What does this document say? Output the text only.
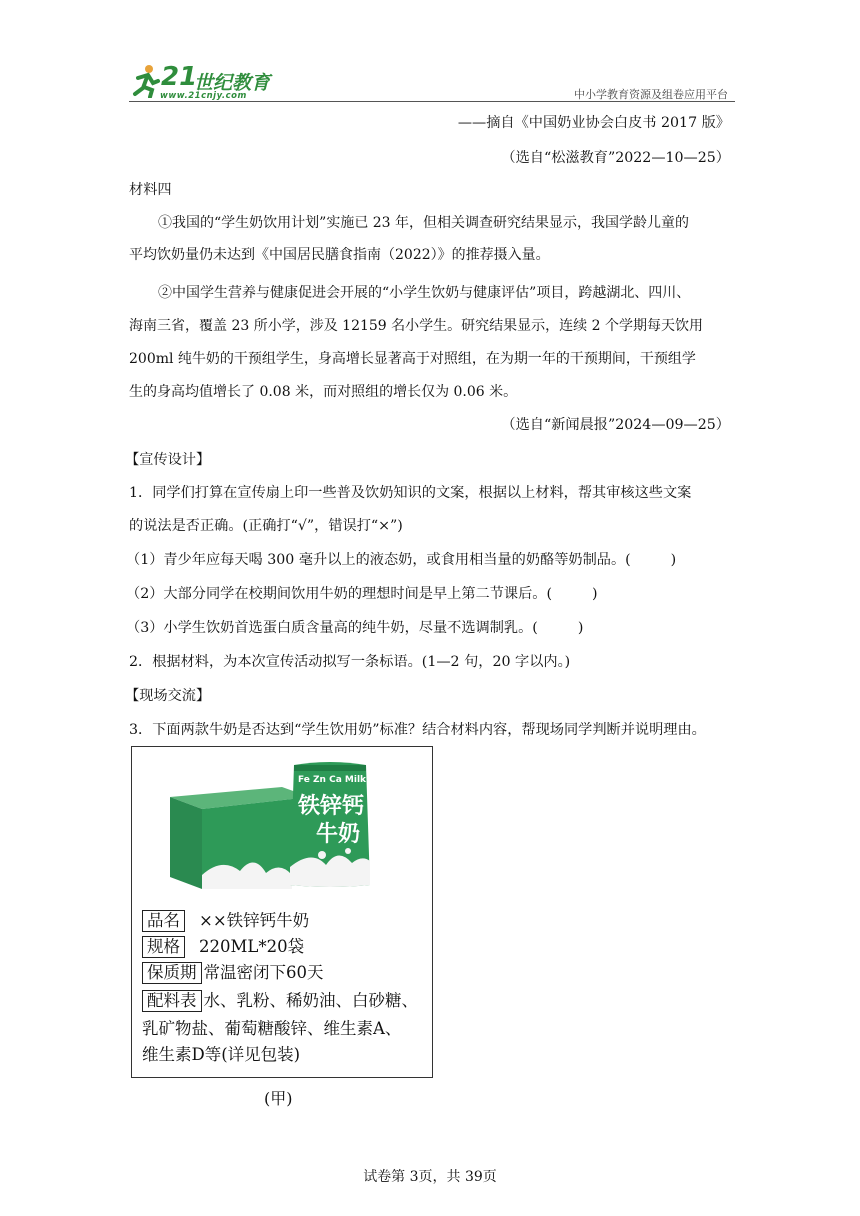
21
世纪教育
www.21cnjy.com	中小学教育资源及组卷应用平台
——摘自《中国奶业协会白皮书 2017 版》
（选自“松滋教育”2022—10—25）
材料四
①我国的“学生奶饮用计划”实施已 23 年，但相关调查研究结果显示，我国学龄儿童的
平均饮奶量仍未达到《中国居民膳食指南（2022）》的推荐摄入量。
②中国学生营养与健康促进会开展的“小学生饮奶与健康评估”项目，跨越湖北、四川、
海南三省，覆盖 23 所小学，涉及 12159 名小学生。研究结果显示，连续 2 个学期每天饮用
200ml 纯牛奶的干预组学生，身高增长显著高于对照组，在为期一年的干预期间，干预组学
生的身高均值增长了 0.08 米，而对照组的增长仅为 0.06 米。
（选自“新闻晨报”2024—09—25）
【宣传设计】
1．同学们打算在宣传扇上印一些普及饮奶知识的文案，根据以上材料，帮其审核这些文案
的说法是否正确。(正确打“√”，错误打“×”)
（1）青少年应每天喝 300 毫升以上的液态奶，或食用相当量的奶酪等奶制品。(	)
（2）大部分同学在校期间饮用牛奶的理想时间是早上第二节课后。(	)
（3）小学生饮奶首选蛋白质含量高的纯牛奶，尽量不选调制乳。(	)
2．根据材料，为本次宣传活动拟写一条标语。(1—2 句，20 字以内。)
【现场交流】
3．下面两款牛奶是否达到“学生饮用奶”标准？结合材料内容，帮现场同学判断并说明理由。
Fe Zn Ca Milk
铁锌钙
牛奶
品名 ××铁锌钙牛奶
规格 220ML*20袋
保质期 常温密闭下60天
配料表 水、乳粉、稀奶油、白砂糖、
乳矿物盐、葡萄糖酸锌、维生素A、
维生素D等(详见包装)
(甲)
试卷第 3页，共 39页
